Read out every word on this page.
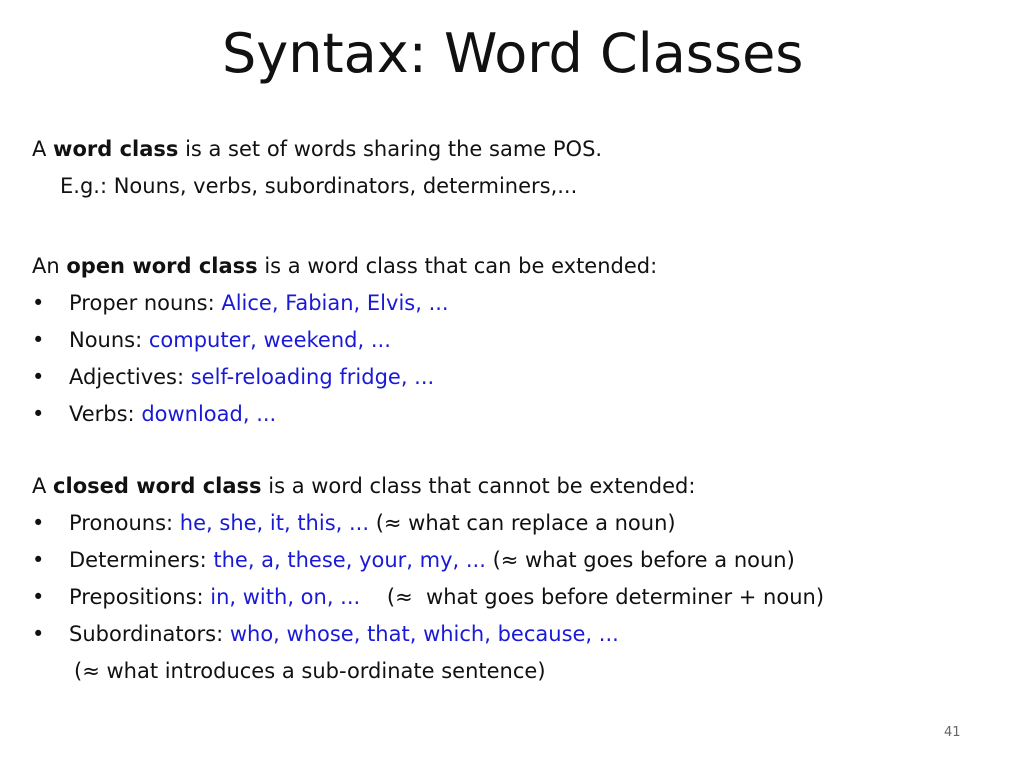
Syntax: Word Classes
A word class is a set of words sharing the same POS.
E.g.: Nouns, verbs, subordinators, determiners,...
An open word class is a word class that can be extended:
• Proper nouns: Alice, Fabian, Elvis, ...
• Nouns: computer, weekend, ...
• Adjectives: self-reloading fridge, ...
• Verbs: download, ...
A closed word class is a word class that cannot be extended:
• Pronouns: he, she, it, this, ... (≈ what can replace a noun)
• Determiners: the, a, these, your, my, ... (≈ what goes before a noun)
• Prepositions: in, with, on, ...    (≈  what goes before determiner + noun)
• Subordinators: who, whose, that, which, because, ...
(≈ what introduces a sub-ordinate sentence)
41
